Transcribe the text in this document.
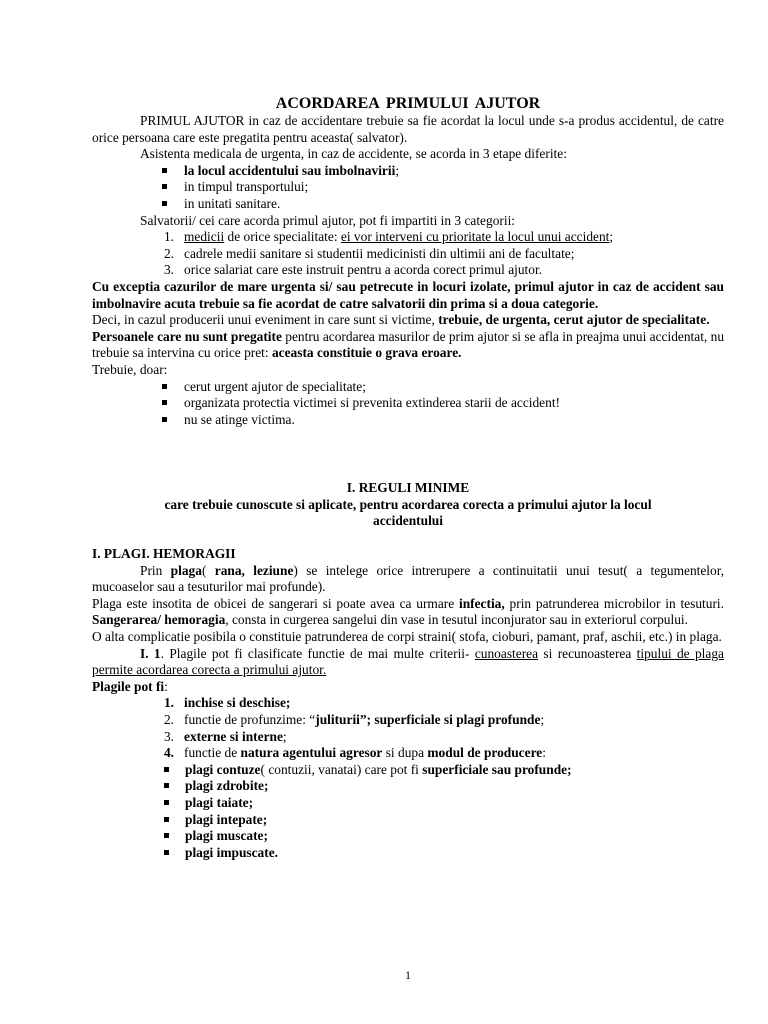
ACORDAREA PRIMULUI AJUTOR

PRIMUL AJUTOR in caz de accidentare trebuie sa fie acordat la locul unde s-a produs accidentul, de catre orice persoana care este pregatita pentru aceasta( salvator).

Asistenta medicala de urgenta, in caz de accidente, se acorda in 3 etape diferite:

la locul accidentului sau imbolnavirii;
in timpul transportului;
in unitati sanitare.

Salvatorii/ cei care acorda primul ajutor, pot fi impartiti in 3 categorii:

1. medicii de orice specialitate: ei vor interveni cu prioritate la locul unui accident;
2. cadrele medii sanitare si studentii medicinisti din ultimii ani de facultate;
3. orice salariat care este instruit pentru a acorda corect primul ajutor.

Cu exceptia cazurilor de mare urgenta si/ sau petrecute in locuri izolate, primul ajutor in caz de accident sau imbolnavire acuta trebuie sa fie acordat de catre salvatorii din prima si a doua categorie.

Deci, in cazul producerii unui eveniment in care sunt si victime, trebuie, de urgenta, cerut ajutor de specialitate.

Persoanele care nu sunt pregatite pentru acordarea masurilor de prim ajutor si se afla in preajma unui accidentat, nu trebuie sa intervina cu orice pret: aceasta constituie o grava eroare.

Trebuie, doar:

cerut urgent ajutor de specialitate;
organizata protectia victimei si prevenita extinderea starii de accident!
nu se atinge victima.

I. REGULI MINIME

care trebuie cunoscute si aplicate, pentru acordarea corecta a primului ajutor la locul accidentului

I. PLAGI. HEMORAGII

Prin plaga( rana, leziune) se intelege orice intrerupere a continuitatii unui tesut( a tegumentelor, mucoaselor sau a tesuturilor mai profunde).

Plaga este insotita de obicei de sangerari si poate avea ca urmare infectia, prin patrunderea microbilor in tesuturi. Sangerarea/ hemoragia, consta in curgerea sangelui din vase in tesutul inconjurator sau in exteriorul corpului.

O alta complicatie posibila o constituie patrunderea de corpi straini( stofa, cioburi, pamant, praf, aschii, etc.) in plaga.

I. 1. Plagile pot fi clasificate functie de mai multe criterii- cunoasterea si recunoasterea tipului de plaga permite acordarea corecta a primului ajutor.

Plagile pot fi:

1. inchise si deschise;
2. functie de profunzime: “juliturii”; superficiale si plagi profunde;
3. externe si interne;
4. functie de natura agentului agresor si dupa modul de producere:
plagi contuze( contuzii, vanatai) care pot fi superficiale sau profunde;
plagi zdrobite;
plagi taiate;
plagi intepate;
plagi muscate;
plagi impuscate.
1
